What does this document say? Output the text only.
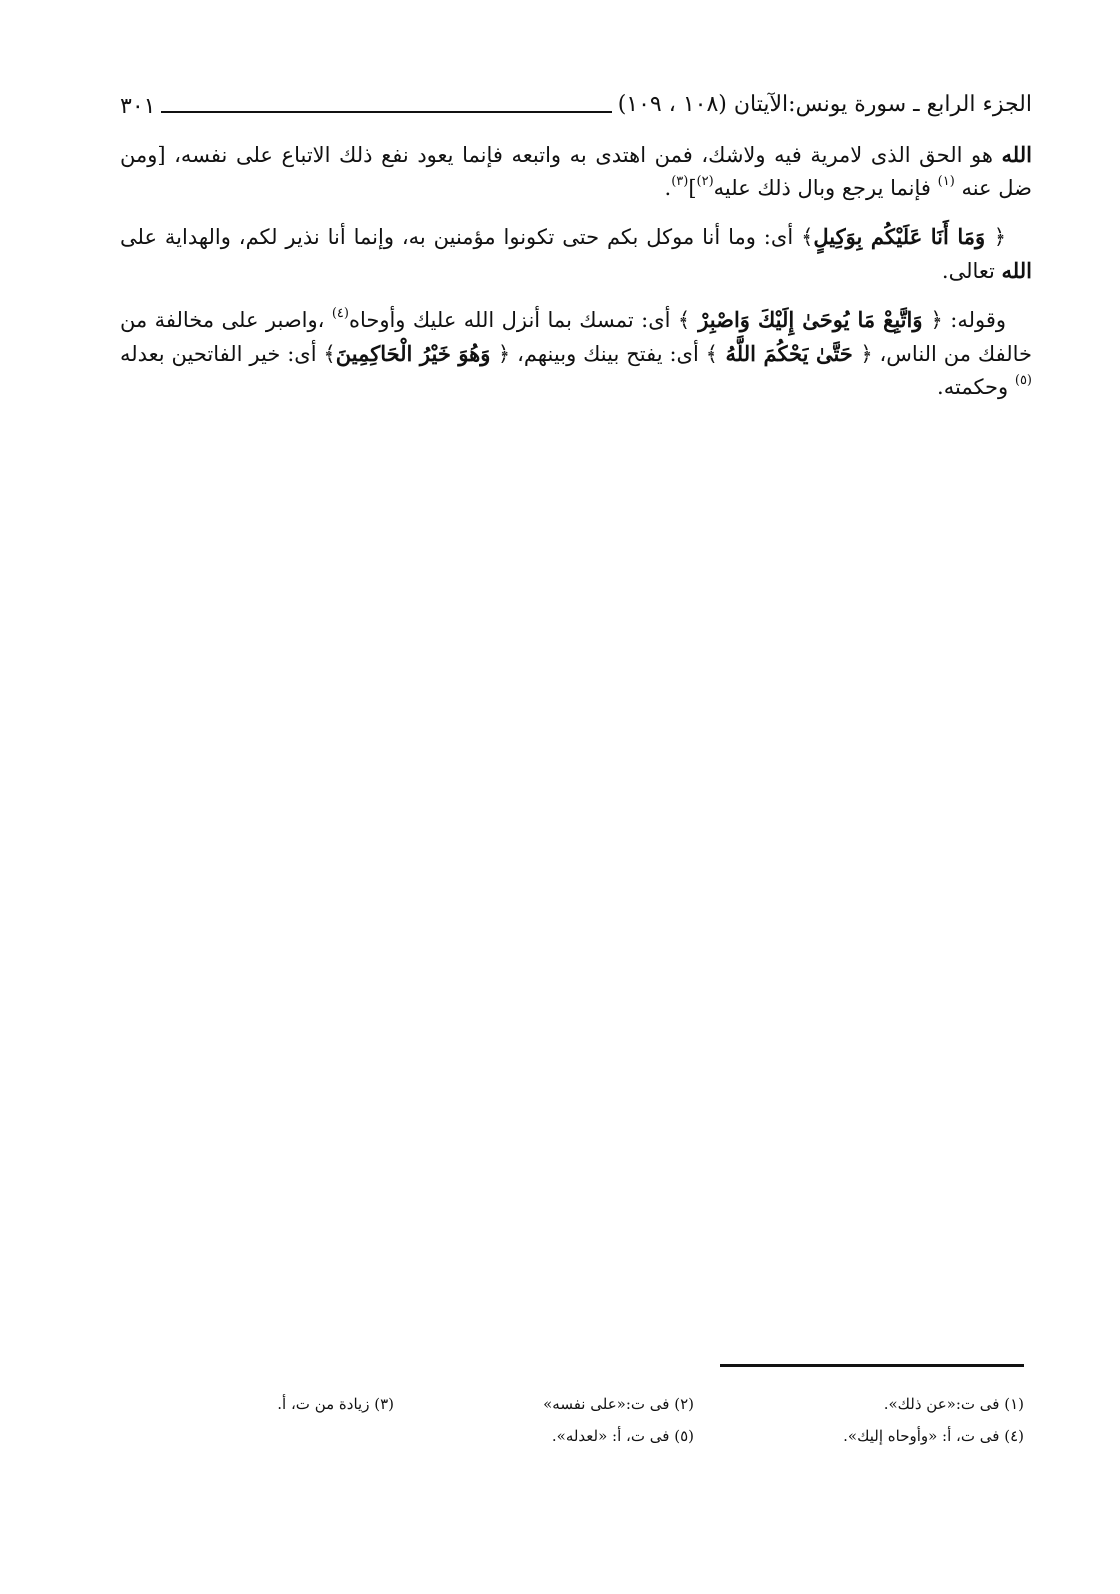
الجزء الرابع ـ سورة يونس:الآيتان (١٠٨ ، ١٠٩)
٣٠١

الله هو الحق الذى لامرية فيه ولاشك، فمن اهتدى به واتبعه فإنما يعود نفع ذلك الاتباع على نفسه، [ومن ضل عنه $^{(١)}$ فإنما يرجع وبال ذلك عليه$^{(٢)}$]$^{(٣)}$.

﴿ وَمَا أَنَا عَلَيْكُم بِوَكِيلٍ﴾ أى: وما أنا موكل بكم حتى تكونوا مؤمنين به، وإنما أنا نذير لكم، والهداية على الله تعالى.

وقوله: ﴿ وَاتَّبِعْ مَا يُوحَىٰ إِلَيْكَ وَاصْبِرْ ﴾ أى: تمسك بما أنزل الله عليك وأوحاه$^{(٤)}$ ،واصبر على مخالفة من خالفك من الناس، ﴿ حَتَّىٰ يَحْكُمَ اللَّهُ ﴾ أى: يفتح بينك وبينهم، ﴿ وَهُوَ خَيْرُ الْحَاكِمِينَ﴾ أى: خير الفاتحين بعدله $^{(٥)}$ وحكمته.

(١) فى ت:«عن ذلك».
(٢) فى ت:«على نفسه»
(٣) زيادة من ت، أ.
(٤) فى ت، أ: «وأوحاه إليك».
(٥) فى ت، أ: «لعدله».
